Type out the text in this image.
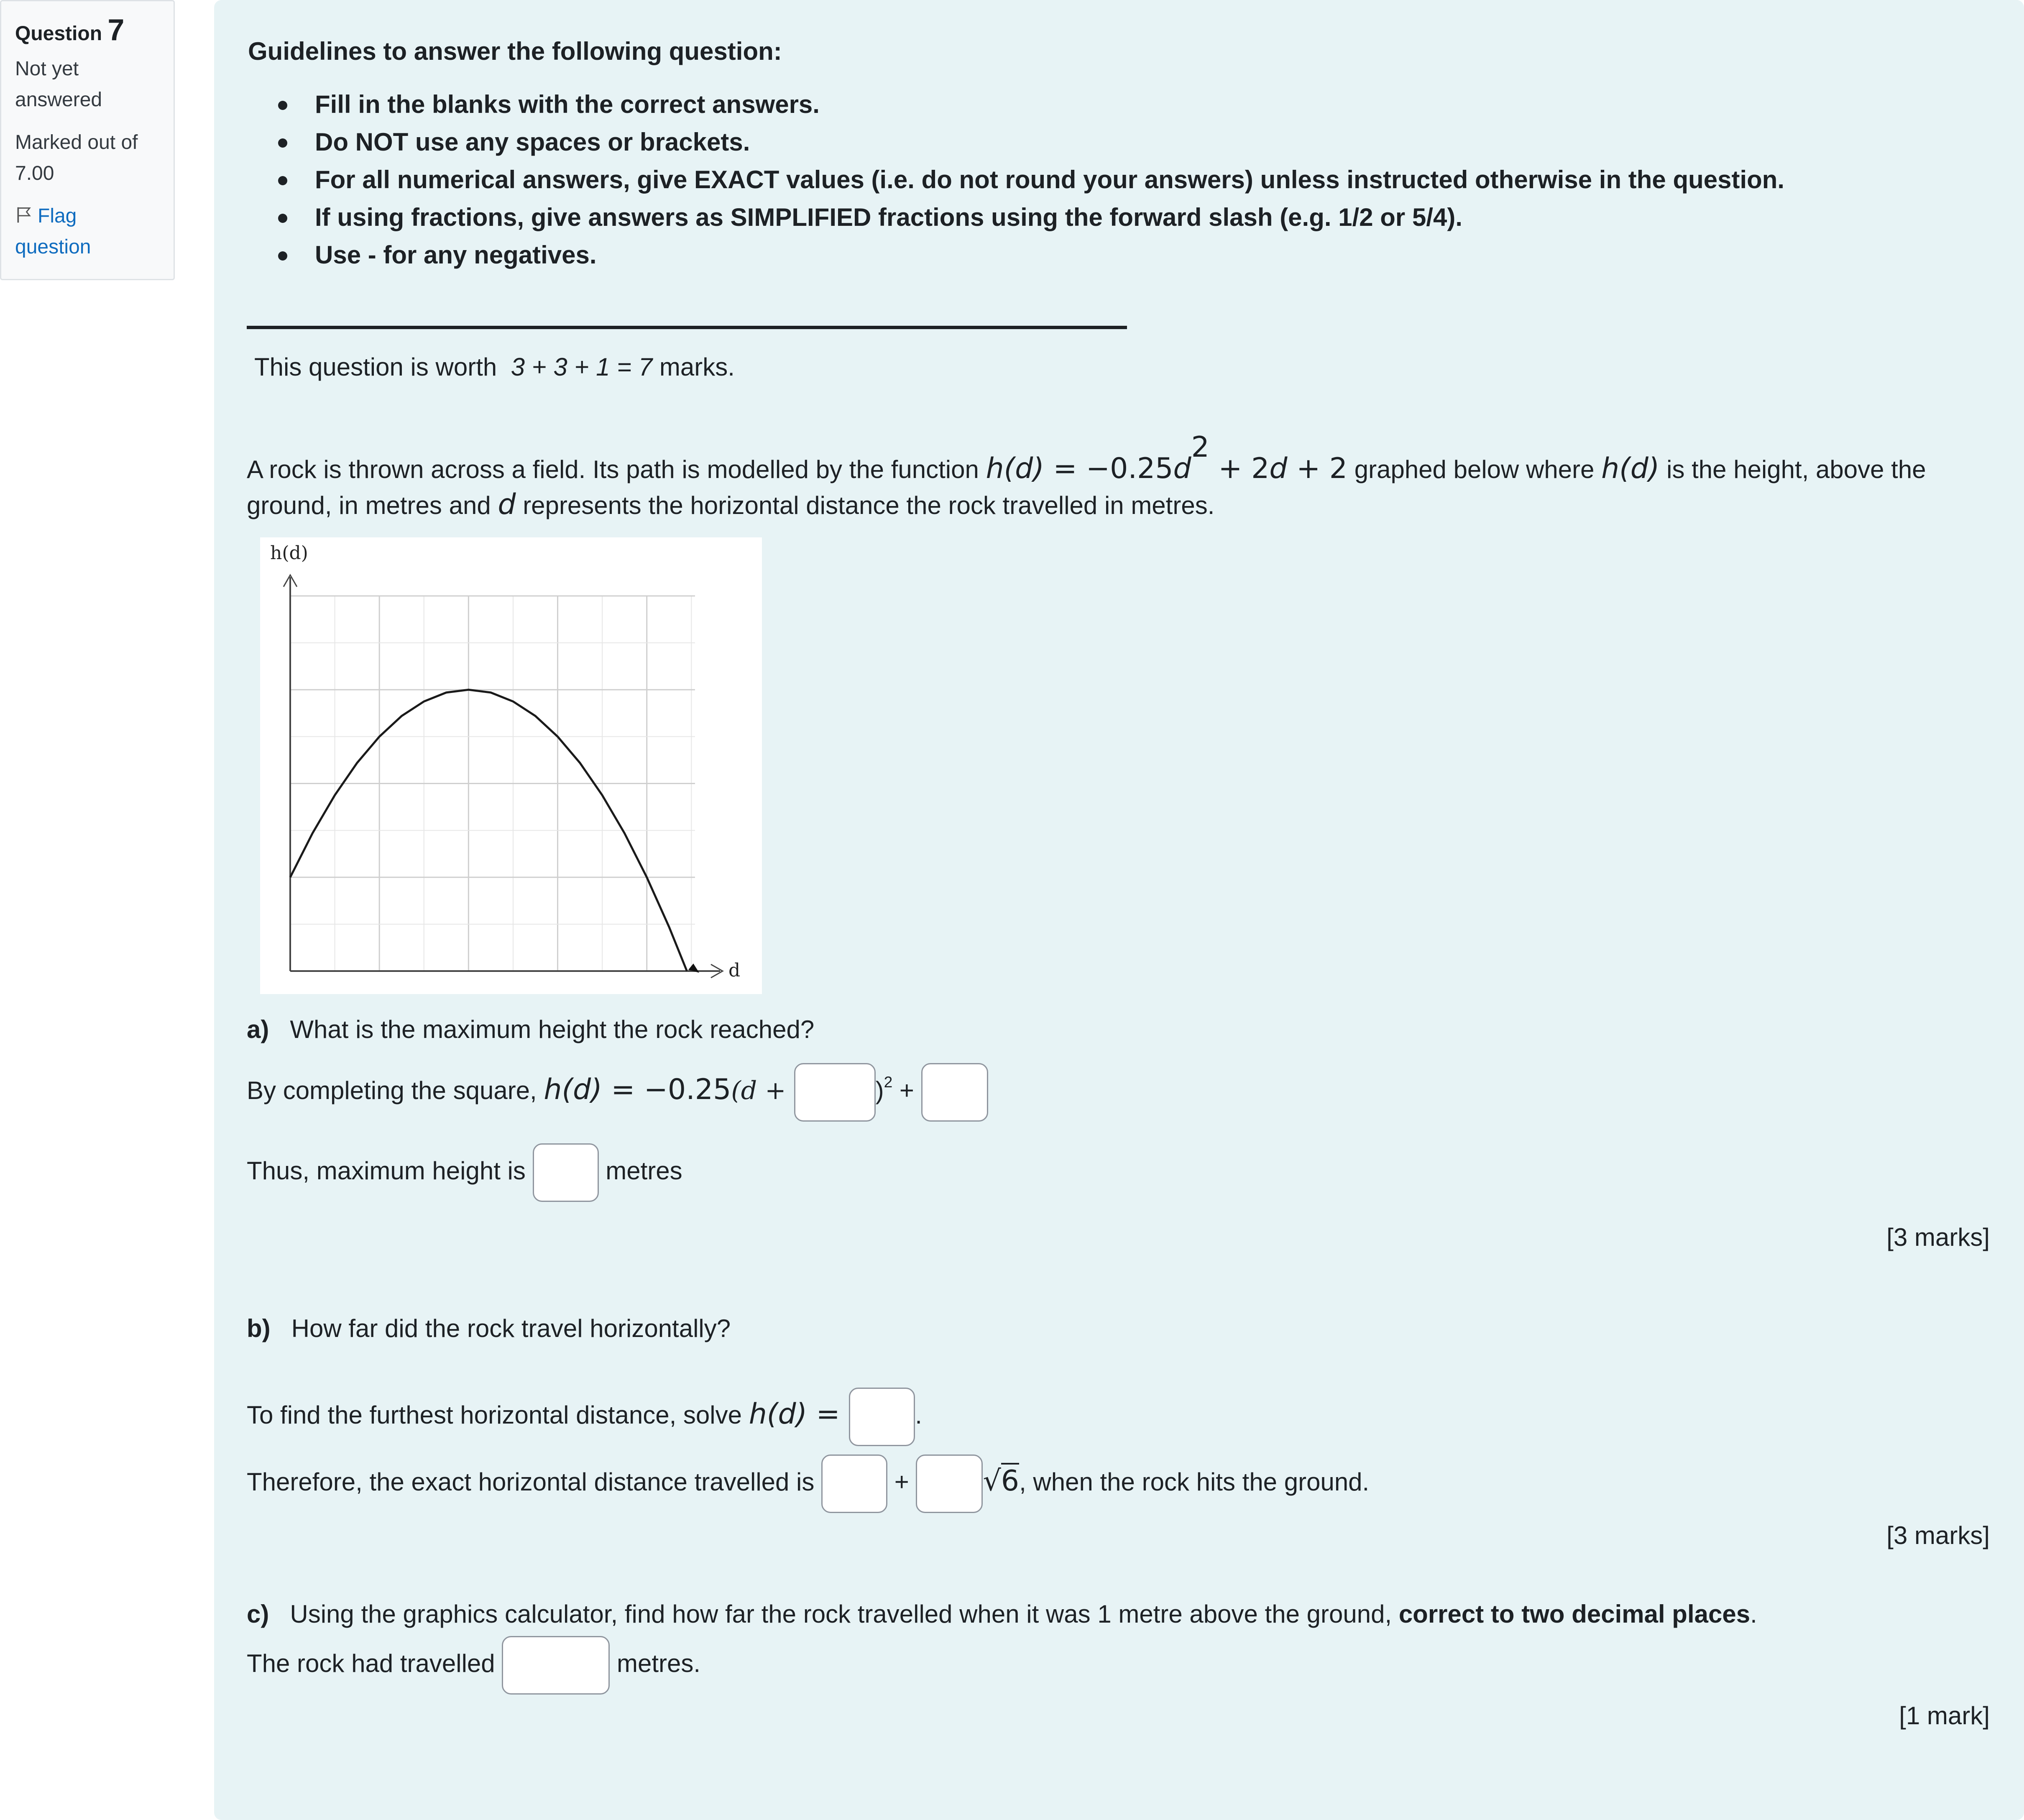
Question 7
Not yet
answered
Marked out of
7.00
Flag
question
Guidelines to answer the following question:
Fill in the blanks with the correct answers.
Do NOT use any spaces or brackets.
For all numerical answers, give EXACT values (i.e. do not round your answers) unless instructed otherwise in the question.
If using fractions, give answers as SIMPLIFIED fractions using the forward slash (e.g. 1/2 or 5/4).
Use - for any negatives.
This question is worth 3 + 3 + 1 = 7 marks.
A rock is thrown across a field. Its path is modelled by the function $h(d) = -0.25d^2 + 2d + 2$ graphed below where h(d) is the height, above the
ground, in metres and d represents the horizontal distance the rock travelled in metres.
h(d)
d
a) What is the maximum height the rock reached?
By completing the square, h(d) = −0.25(d +	)$^2$ +
Thus, maximum height is	metres
[3 marks]
b) How far did the rock travel horizontally?
To find the furthest horizontal distance, solve h(d) =	.
Therefore, the exact horizontal distance travelled is	+	√6, when the rock hits the ground.
[3 marks]
c) Using the graphics calculator, find how far the rock travelled when it was 1 metre above the ground, correct to two decimal places.
The rock had travelled	metres.
[1 mark]
